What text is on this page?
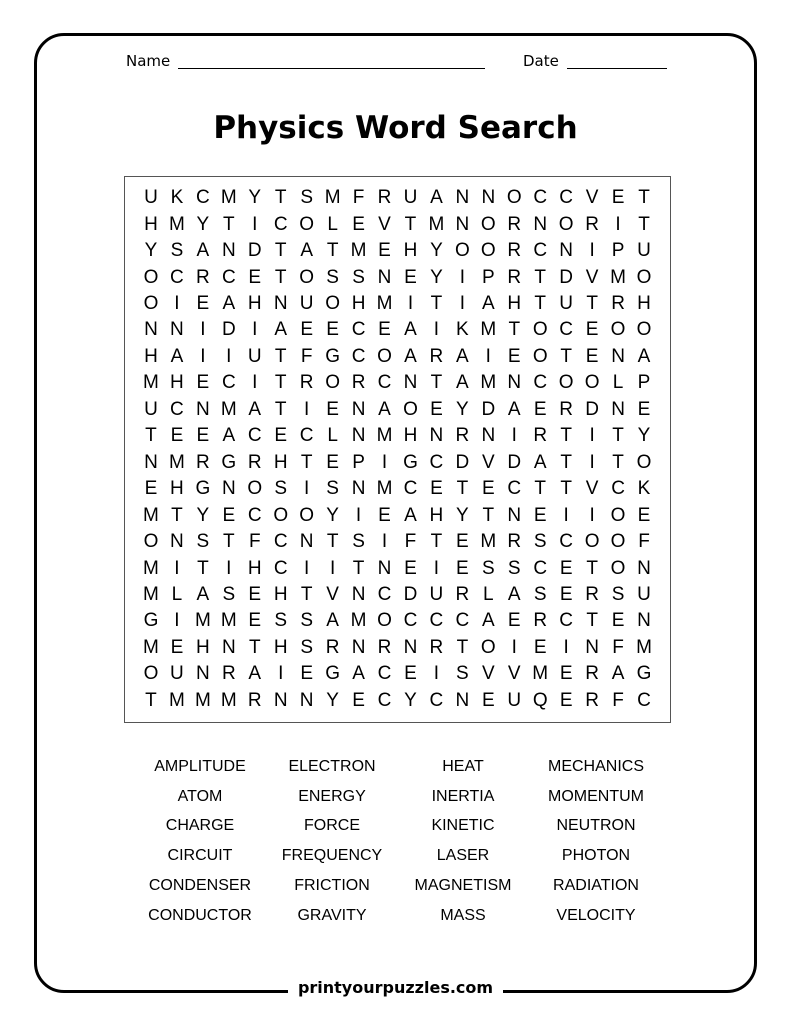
Name	Date
Physics Word Search
U K C M Y T S M F R U A N N O C C V E T
H M Y T I C O L E V T M N O R N O R I T
Y S A N D T A T M E H Y O O R C N I P U
O C R C E T O S S N E Y I P R T D V M O
O I E A H N U O H M I T I A H T U T R H
N N I D I A E E C E A I K M T O C E O O
H A I	I U T F G C O A R A I E O T E N A
M H E C I T R O R C N T A M N C O O L P
U C N M A T I E N A O E Y D A E R D N E
T E E A C E C L N M H N R N I R T I T Y
N M R G R H T E P I G C D V D A T I T O
E H G N O S I S N M C E T E C T T V C K
M T Y E C O O Y I E A H Y T N E I	I O E
O N S T F C N T S I F T E M R S C O O F
M I T I H C I	I T N E I E S S C E T O N
M L A S E H T V N C D U R L A S E R S U
G I M M E S S A M O C C C A E R C T E N
M E H N T H S R N R N R T O I E I N F M
O U N R A I E G A C E I S V V M E R A G
T M M M R N N Y E C Y C N E U Q E R F C
AMPLITUDE	ELECTRON	HEAT	MECHANICS
ATOM	ENERGY	INERTIA	MOMENTUM
CHARGE	FORCE	KINETIC	NEUTRON
CIRCUIT	FREQUENCY	LASER	PHOTON
CONDENSER	FRICTION	MAGNETISM	RADIATION
CONDUCTOR	GRAVITY	MASS	VELOCITY
printyourpuzzles.com
